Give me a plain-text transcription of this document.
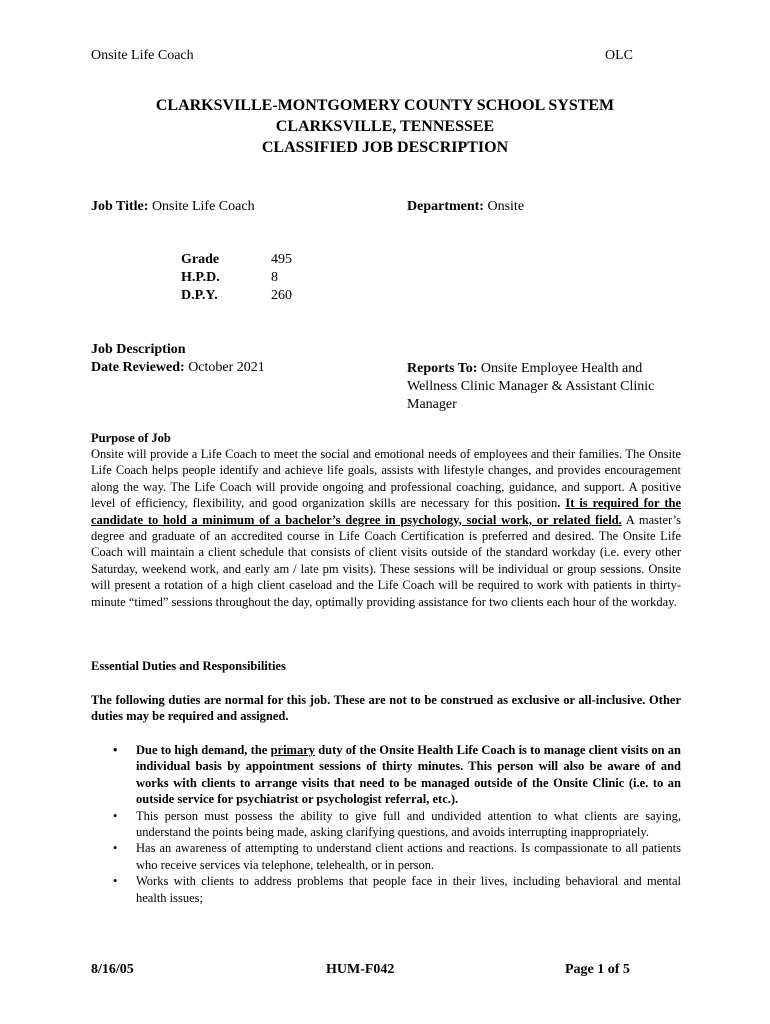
Onsite Life Coach	OLC
CLARKSVILLE-MONTGOMERY COUNTY SCHOOL SYSTEM
CLARKSVILLE, TENNESSEE
CLASSIFIED JOB DESCRIPTION
Job Title: Onsite Life Coach	Department: Onsite
Grade	495
H.P.D.	8
D.P.Y.	260
Job Description
Date Reviewed: October 2021	Reports To: Onsite Employee Health and Wellness Clinic Manager & Assistant Clinic Manager
Purpose of Job
Onsite will provide a Life Coach to meet the social and emotional needs of employees and their families. The Onsite Life Coach helps people identify and achieve life goals, assists with lifestyle changes, and provides encouragement along the way. The Life Coach will provide ongoing and professional coaching, guidance, and support. A positive level of efficiency, flexibility, and good organization skills are necessary for this position. It is required for the candidate to hold a minimum of a bachelor’s degree in psychology, social work, or related field. A master’s degree and graduate of an accredited course in Life Coach Certification is preferred and desired. The Onsite Life Coach will maintain a client schedule that consists of client visits outside of the standard workday (i.e. every other Saturday, weekend work, and early am / late pm visits). These sessions will be individual or group sessions. Onsite will present a rotation of a high client caseload and the Life Coach will be required to work with patients in thirty-minute “timed” sessions throughout the day, optimally providing assistance for two clients each hour of the workday.
Essential Duties and Responsibilities
The following duties are normal for this job. These are not to be construed as exclusive or all-inclusive. Other duties may be required and assigned.
• Due to high demand, the primary duty of the Onsite Health Life Coach is to manage client visits on an individual basis by appointment sessions of thirty minutes. This person will also be aware of and works with clients to arrange visits that need to be managed outside of the Onsite Clinic (i.e. to an outside service for psychiatrist or psychologist referral, etc.).
• This person must possess the ability to give full and undivided attention to what clients are saying, understand the points being made, asking clarifying questions, and avoids interrupting inappropriately.
• Has an awareness of attempting to understand client actions and reactions. Is compassionate to all patients who receive services via telephone, telehealth, or in person.
• Works with clients to address problems that people face in their lives, including behavioral and mental health issues;
8/16/05	HUM-F042	Page 1 of 5
